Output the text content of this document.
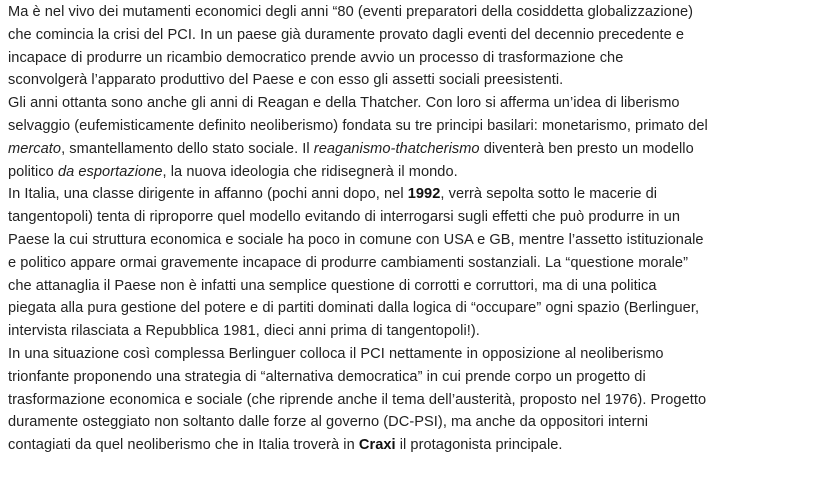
Ma è nel vivo dei mutamenti economici degli anni “80 (eventi preparatori della cosiddetta globalizzazione)
che comincia la crisi del PCI. In un paese già duramente provato dagli eventi del decennio precedente e
incapace di produrre un ricambio democratico prende avvio un processo di trasformazione che
sconvolgerà l’apparato produttivo del Paese e con esso gli assetti sociali preesistenti.
Gli anni ottanta sono anche gli anni di Reagan e della Thatcher. Con loro si afferma un’idea di liberismo
selvaggio (eufemisticamente definito neoliberismo) fondata su tre principi basilari: monetarismo, primato del
mercato, smantellamento dello stato sociale. Il reaganismo-thatcherismo diventerà ben presto un modello
politico da esportazione, la nuova ideologia che ridisegnerà il mondo.
In Italia, una classe dirigente in affanno (pochi anni dopo, nel 1992, verrà sepolta sotto le macerie di
tangentopoli) tenta di riproporre quel modello evitando di interrogarsi sugli effetti che può produrre in un
Paese la cui struttura economica e sociale ha poco in comune con USA e GB, mentre l’assetto istituzionale
e politico appare ormai gravemente incapace di produrre cambiamenti sostanziali. La “questione morale”
che attanaglia il Paese non è infatti una semplice questione di corrotti e corruttori, ma di una politica
piegata alla pura gestione del potere e di partiti dominati dalla logica di “occupare” ogni spazio (Berlinguer,
intervista rilasciata a Repubblica 1981, dieci anni prima di tangentopoli!).
In una situazione così complessa Berlinguer colloca il PCI nettamente in opposizione al neoliberismo
trionfante proponendo una strategia di “alternativa democratica” in cui prende corpo un progetto di
trasformazione economica e sociale (che riprende anche il tema dell’austerità, proposto nel 1976). Progetto
duramente osteggiato non soltanto dalle forze al governo (DC-PSI), ma anche da oppositori interni
contagiati da quel neoliberismo che in Italia troverà in Craxi il protagonista principale.
